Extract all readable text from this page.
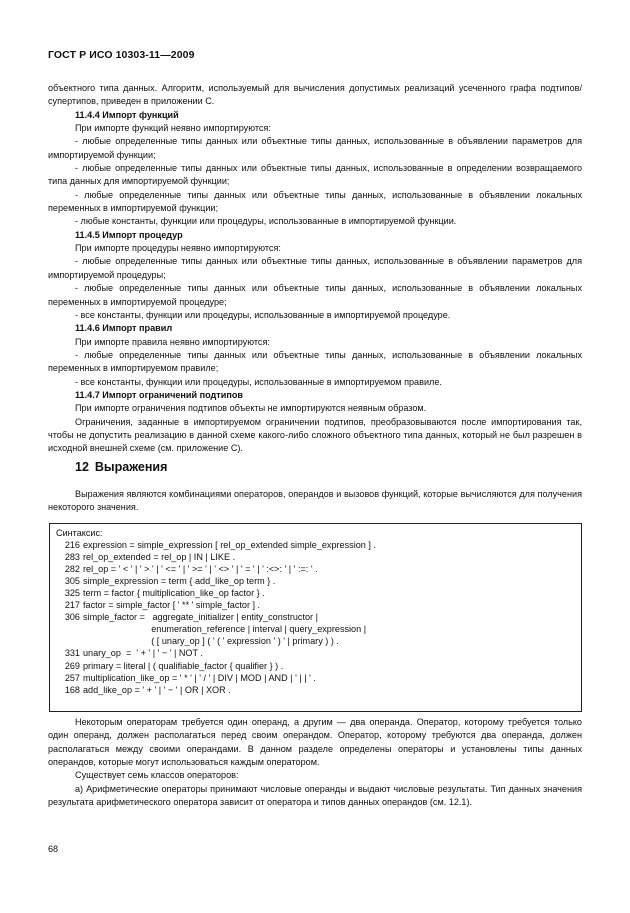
ГОСТ Р ИСО 10303-11—2009

объектного типа данных. Алгоритм, используемый для вычисления допустимых реализаций усеченного графа подтипов/супертипов, приведен в приложении С.

11.4.4 Импорт функций

При импорте функций неявно импортируются:

- любые определенные типы данных или объектные типы данных, использованные в объявлении параметров для импортируемой функции;

- любые определенные типы данных или объектные типы данных, использованные в определении возвращаемого типа данных для импортируемой функции;

- любые определенные типы данных или объектные типы данных, использованные в объявлении локальных переменных в импортируемой функции;

- любые константы, функции или процедуры, использованные в импортируемой функции.

11.4.5 Импорт процедур

При импорте процедуры неявно импортируются:

- любые определенные типы данных или объектные типы данных, использованные в объявлении параметров для импортируемой процедуры;

- любые определенные типы данных или объектные типы данных, использованные в объявлении локальных переменных в импортируемой процедуре;

- все константы, функции или процедуры, использованные в импортируемой процедуре.

11.4.6 Импорт правил

При импорте правила неявно импортируются:

- любые определенные типы данных или объектные типы данных, использованные в объявлении локальных переменных в импортируемом правиле;

- все константы, функции или процедуры, использованные в импортируемом правиле.

11.4.7 Импорт ограничений подтипов

При импорте ограничения подтипов объекты не импортируются неявным образом.

Ограничения, заданные в импортируемом ограничении подтипов, преобразовываются после импортирования так, чтобы не допустить реализацию в данной схеме какого-либо сложного объектного типа данных, который не был разрешен в исходной внешней схеме (см. приложение С).

12 Выражения

Выражения являются комбинациями операторов, операндов и вызовов функций, которые вычисляются для получения некоторого значения.

Синтаксис:
216 expression = simple_expression [ rel_op_extended simple_expression ] .
283 rel_op_extended = rel_op | IN | LIKE .
282 rel_op = ' < ' | ' > ' | ' <= ' | ' >= ' | ' <> ' | ' = ' | ' :<>: ' | ' :=: ' .
305 simple_expression = term { add_like_op term } .
325 term = factor { multiplication_like_op factor } .
217 factor = simple_factor [ ' ** ' simple_factor ] .
306 simple_factor =   aggregate_initializer | entity_constructor |
enumeration_reference | interval | query_expression |
( [ unary_op ] ( ' ( ' expression ' ) ' | primary ) ) .
331 unary_op  =  ' + ' | ' − ' | NOT .
269 primary = literal | ( qualifiable_factor { qualifier } ) .
257 multiplication_like_op = ' * ' | ' / ' | DIV | MOD | AND | ' | | ' .
168 add_like_op = ' + ' | ' − ' | OR | XOR .

Некоторым операторам требуется один операнд, а другим — два операнда. Оператор, которому требуется только один операнд, должен располагаться перед своим операндом. Оператор, которому требуются два операнда, должен располагаться между своими операндами. В данном разделе определены операторы и установлены типы данных операндов, которые могут использоваться каждым оператором.

Существует семь классов операторов:

а) Арифметические операторы принимают числовые операнды и выдают числовые результаты. Тип данных значения результата арифметического оператора зависит от оператора и типов данных операндов (см. 12.1).

68
